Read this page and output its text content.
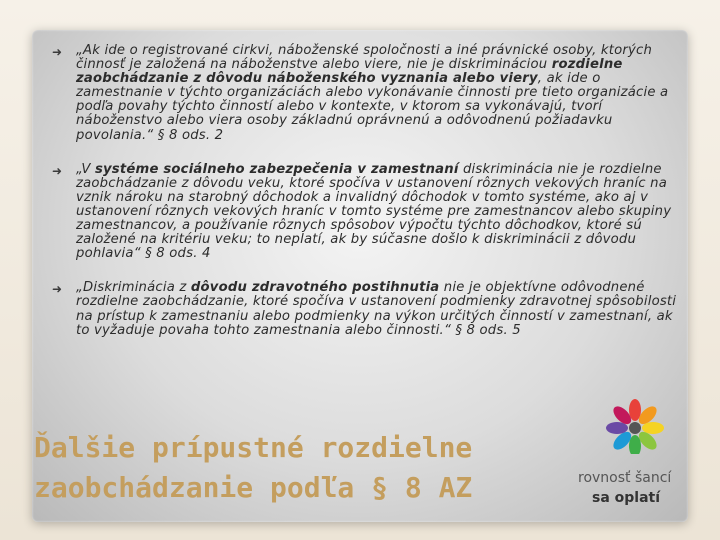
➜	„Ak ide o registrované cirkvi, náboženské spoločnosti a iné právnické osoby, ktorých činnosť je založená na náboženstve alebo viere, nie je diskrimináciou rozdielne zaobchádzanie z dôvodu náboženského vyznania alebo viery, ak ide o zamestnanie v týchto organizáciách alebo vykonávanie činnosti pre tieto organizácie a podľa povahy týchto činností alebo v kontexte, v ktorom sa vykonávajú, tvorí náboženstvo alebo viera osoby základnú oprávnenú a odôvodnenú požiadavku povolania.“ § 8 ods. 2
➜	„V systéme sociálneho zabezpečenia v zamestnaní diskriminácia nie je rozdielne zaobchádzanie z dôvodu veku, ktoré spočíva v ustanovení rôznych vekových hraníc na vznik nároku na starobný dôchodok a invalidný dôchodok v tomto systéme, ako aj v ustanovení rôznych vekových hraníc v tomto systéme pre zamestnancov alebo skupiny zamestnancov, a používanie rôznych spôsobov výpočtu týchto dôchodkov, ktoré sú založené na kritériu veku; to neplatí, ak by súčasne došlo k diskriminácii z dôvodu pohlavia“ § 8 ods. 4
➜	„Diskriminácia z dôvodu zdravotného postihnutia nie je objektívne odôvodnené rozdielne zaobchádzanie, ktoré spočíva v ustanovení podmienky zdravotnej spôsobilosti na prístup k zamestnaniu alebo podmienky na výkon určitých činností v zamestnaní, ak to vyžaduje povaha tohto zamestnania alebo činnosti.“ § 8 ods. 5
Ďalšie prípustné rozdielne
zaobchádzanie podľa § 8 AZ	rovnosť šancí
sa oplatí
